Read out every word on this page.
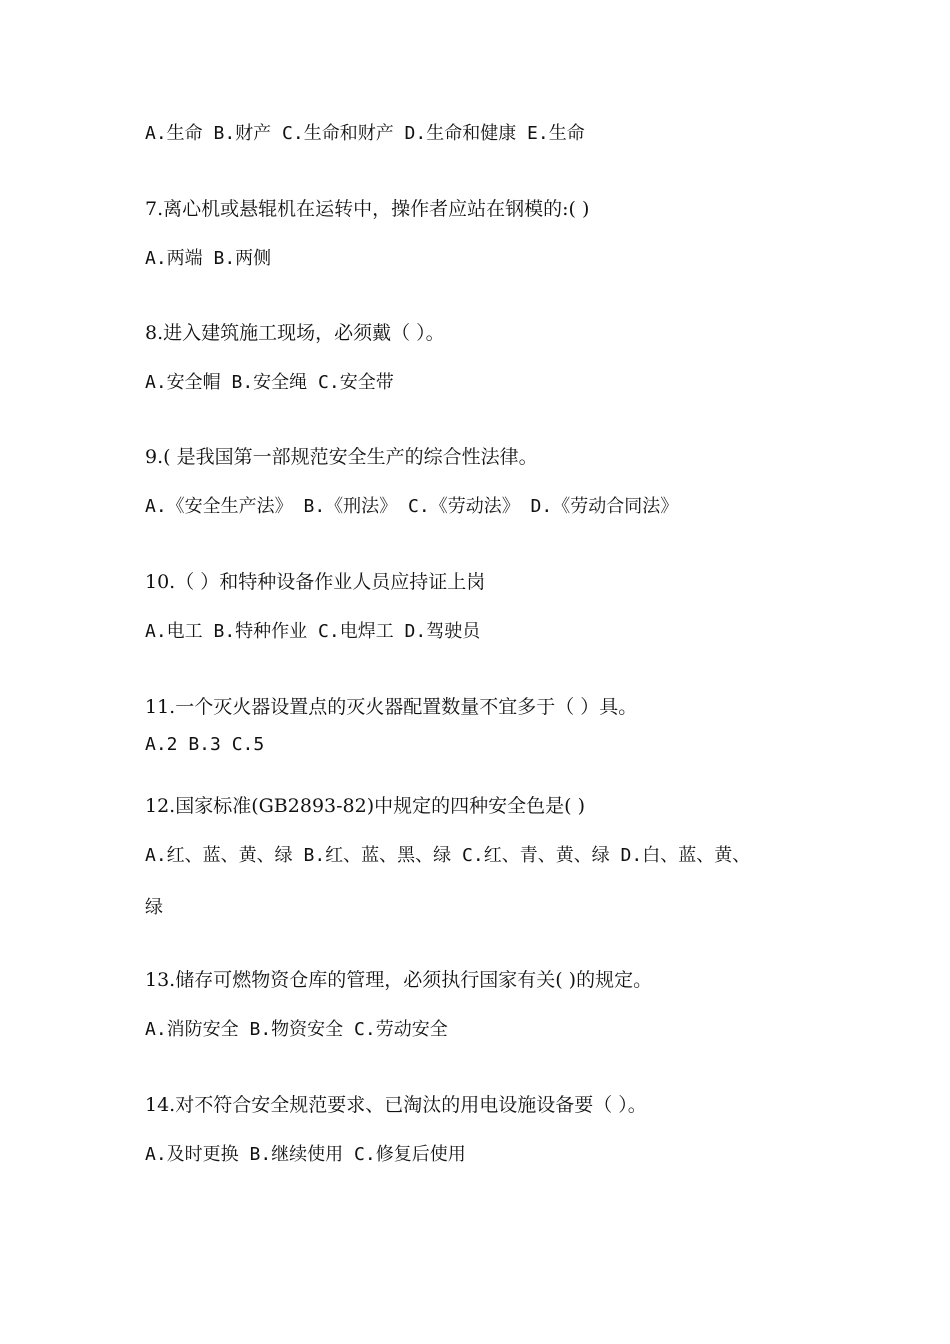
A.生命 B.财产 C.生命和财产 D.生命和健康 E.生命
7.离心机或悬辊机在运转中，操作者应站在钢模的:( )
A.两端 B.两侧
8.进入建筑施工现场，必须戴（ ）。
A.安全帽 B.安全绳 C.安全带
9.( 是我国第一部规范安全生产的综合性法律。
A.《安全生产法》 B.《刑法》 C.《劳动法》 D.《劳动合同法》
10.（ ）和特种设备作业人员应持证上岗
A.电工 B.特种作业 C.电焊工 D.驾驶员
11.一个灭火器设置点的灭火器配置数量不宜多于（ ）具。
A.2 B.3 C.5
12.国家标准(GB2893-82)中规定的四种安全色是( )
A.红、蓝、黄、绿 B.红、蓝、黑、绿 C.红、青、黄、绿 D.白、蓝、黄、
绿
13.储存可燃物资仓库的管理，必须执行国家有关( )的规定。
A.消防安全 B.物资安全 C.劳动安全
14.对不符合安全规范要求、已淘汰的用电设施设备要（ ）。
A.及时更换 B.继续使用 C.修复后使用
